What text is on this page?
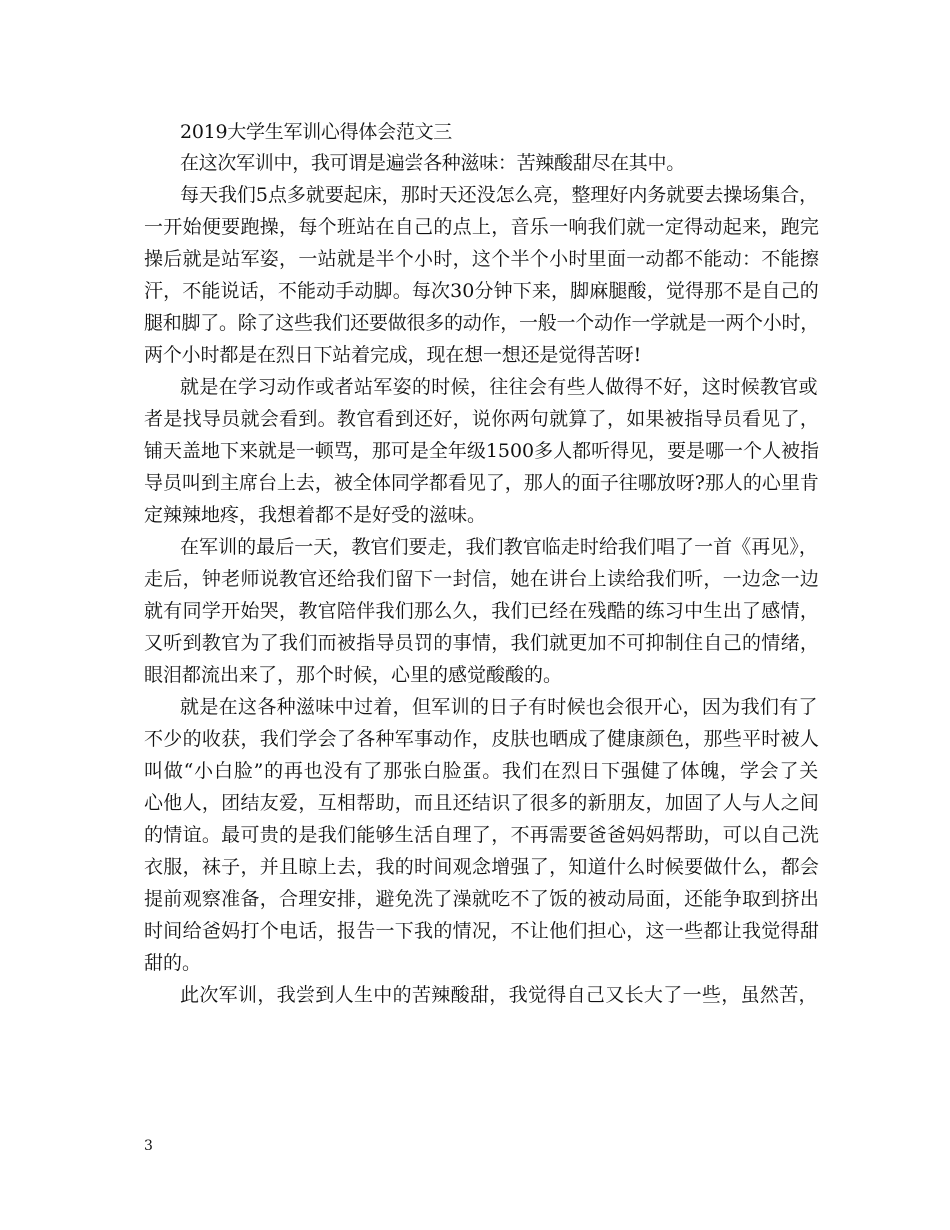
2019大学生军训心得体会范文三
在这次军训中，我可谓是遍尝各种滋味：苦辣酸甜尽在其中。
每天我们5点多就要起床，那时天还没怎么亮，整理好内务就要去操场集合，
一开始便要跑操，每个班站在自己的点上，音乐一响我们就一定得动起来，跑完
操后就是站军姿，一站就是半个小时，这个半个小时里面一动都不能动：不能擦
汗，不能说话，不能动手动脚。每次30分钟下来，脚麻腿酸，觉得那不是自己的
腿和脚了。除了这些我们还要做很多的动作，一般一个动作一学就是一两个小时，
两个小时都是在烈日下站着完成，现在想一想还是觉得苦呀!
就是在学习动作或者站军姿的时候，往往会有些人做得不好，这时候教官或
者是找导员就会看到。教官看到还好，说你两句就算了，如果被指导员看见了，
铺天盖地下来就是一顿骂，那可是全年级1500多人都听得见，要是哪一个人被指
导员叫到主席台上去，被全体同学都看见了，那人的面子往哪放呀?那人的心里肯
定辣辣地疼，我想着都不是好受的滋味。
在军训的最后一天，教官们要走，我们教官临走时给我们唱了一首《再见》，
走后，钟老师说教官还给我们留下一封信，她在讲台上读给我们听，一边念一边
就有同学开始哭，教官陪伴我们那么久，我们已经在残酷的练习中生出了感情，
又听到教官为了我们而被指导员罚的事情，我们就更加不可抑制住自己的情绪，
眼泪都流出来了，那个时候，心里的感觉酸酸的。
就是在这各种滋味中过着，但军训的日子有时候也会很开心，因为我们有了
不少的收获，我们学会了各种军事动作，皮肤也晒成了健康颜色，那些平时被人
叫做“小白脸”的再也没有了那张白脸蛋。我们在烈日下强健了体魄，学会了关
心他人，团结友爱，互相帮助，而且还结识了很多的新朋友，加固了人与人之间
的情谊。最可贵的是我们能够生活自理了，不再需要爸爸妈妈帮助，可以自己洗
衣服，袜子，并且晾上去，我的时间观念增强了，知道什么时候要做什么，都会
提前观察准备，合理安排，避免洗了澡就吃不了饭的被动局面，还能争取到挤出
时间给爸妈打个电话，报告一下我的情况，不让他们担心，这一些都让我觉得甜
甜的。
此次军训，我尝到人生中的苦辣酸甜，我觉得自己又长大了一些，虽然苦，
3
